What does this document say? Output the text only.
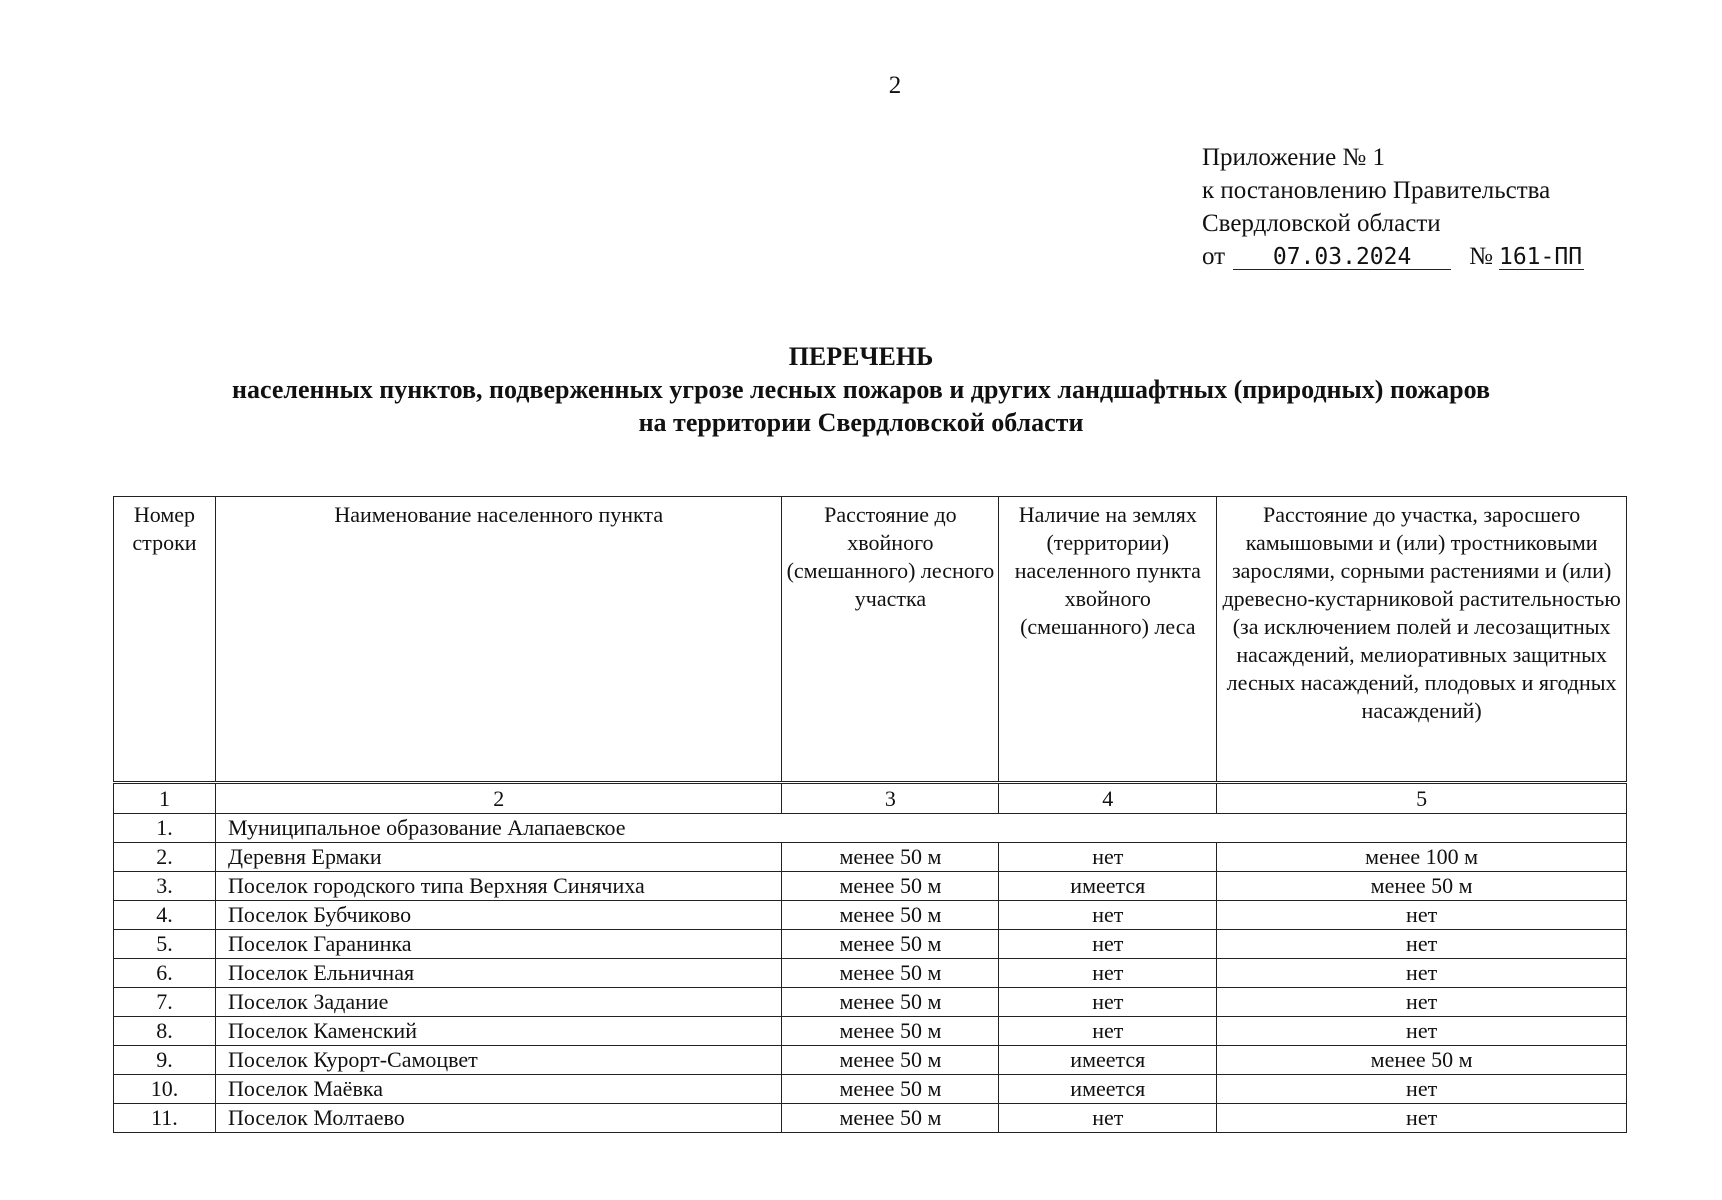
2
Приложение № 1
к постановлению Правительства
Свердловской области
от 07.03.2024 № 161-ПП
ПЕРЕЧЕНЬ
населенных пунктов, подверженных угрозе лесных пожаров и других ландшафтных (природных) пожаров
на территории Свердловской области
Номер строки	Наименование населенного пункта	Расстояние до хвойного (смешанного) лесного участка	Наличие на землях (территории) населенного пункта хвойного (смешанного) леса	Расстояние до участка, заросшего камышовыми и (или) тростниковыми зарослями, сорными растениями и (или) древесно-кустарниковой растительностью (за исключением полей и лесозащитных насаждений, мелиоративных защитных лесных насаждений, плодовых и ягодных насаждений)
1	2	3	4	5
1.	Муниципальное образование Алапаевское			
2.	Деревня Ермаки	менее 50 м	нет	менее 100 м
3.	Поселок городского типа Верхняя Синячиха	менее 50 м	имеется	менее 50 м
4.	Поселок Бубчиково	менее 50 м	нет	нет
5.	Поселок Гаранинка	менее 50 м	нет	нет
6.	Поселок Ельничная	менее 50 м	нет	нет
7.	Поселок Задание	менее 50 м	нет	нет
8.	Поселок Каменский	менее 50 м	нет	нет
9.	Поселок Курорт-Самоцвет	менее 50 м	имеется	менее 50 м
10.	Поселок Маёвка	менее 50 м	имеется	нет
11.	Поселок Молтаево	менее 50 м	нет	нет
